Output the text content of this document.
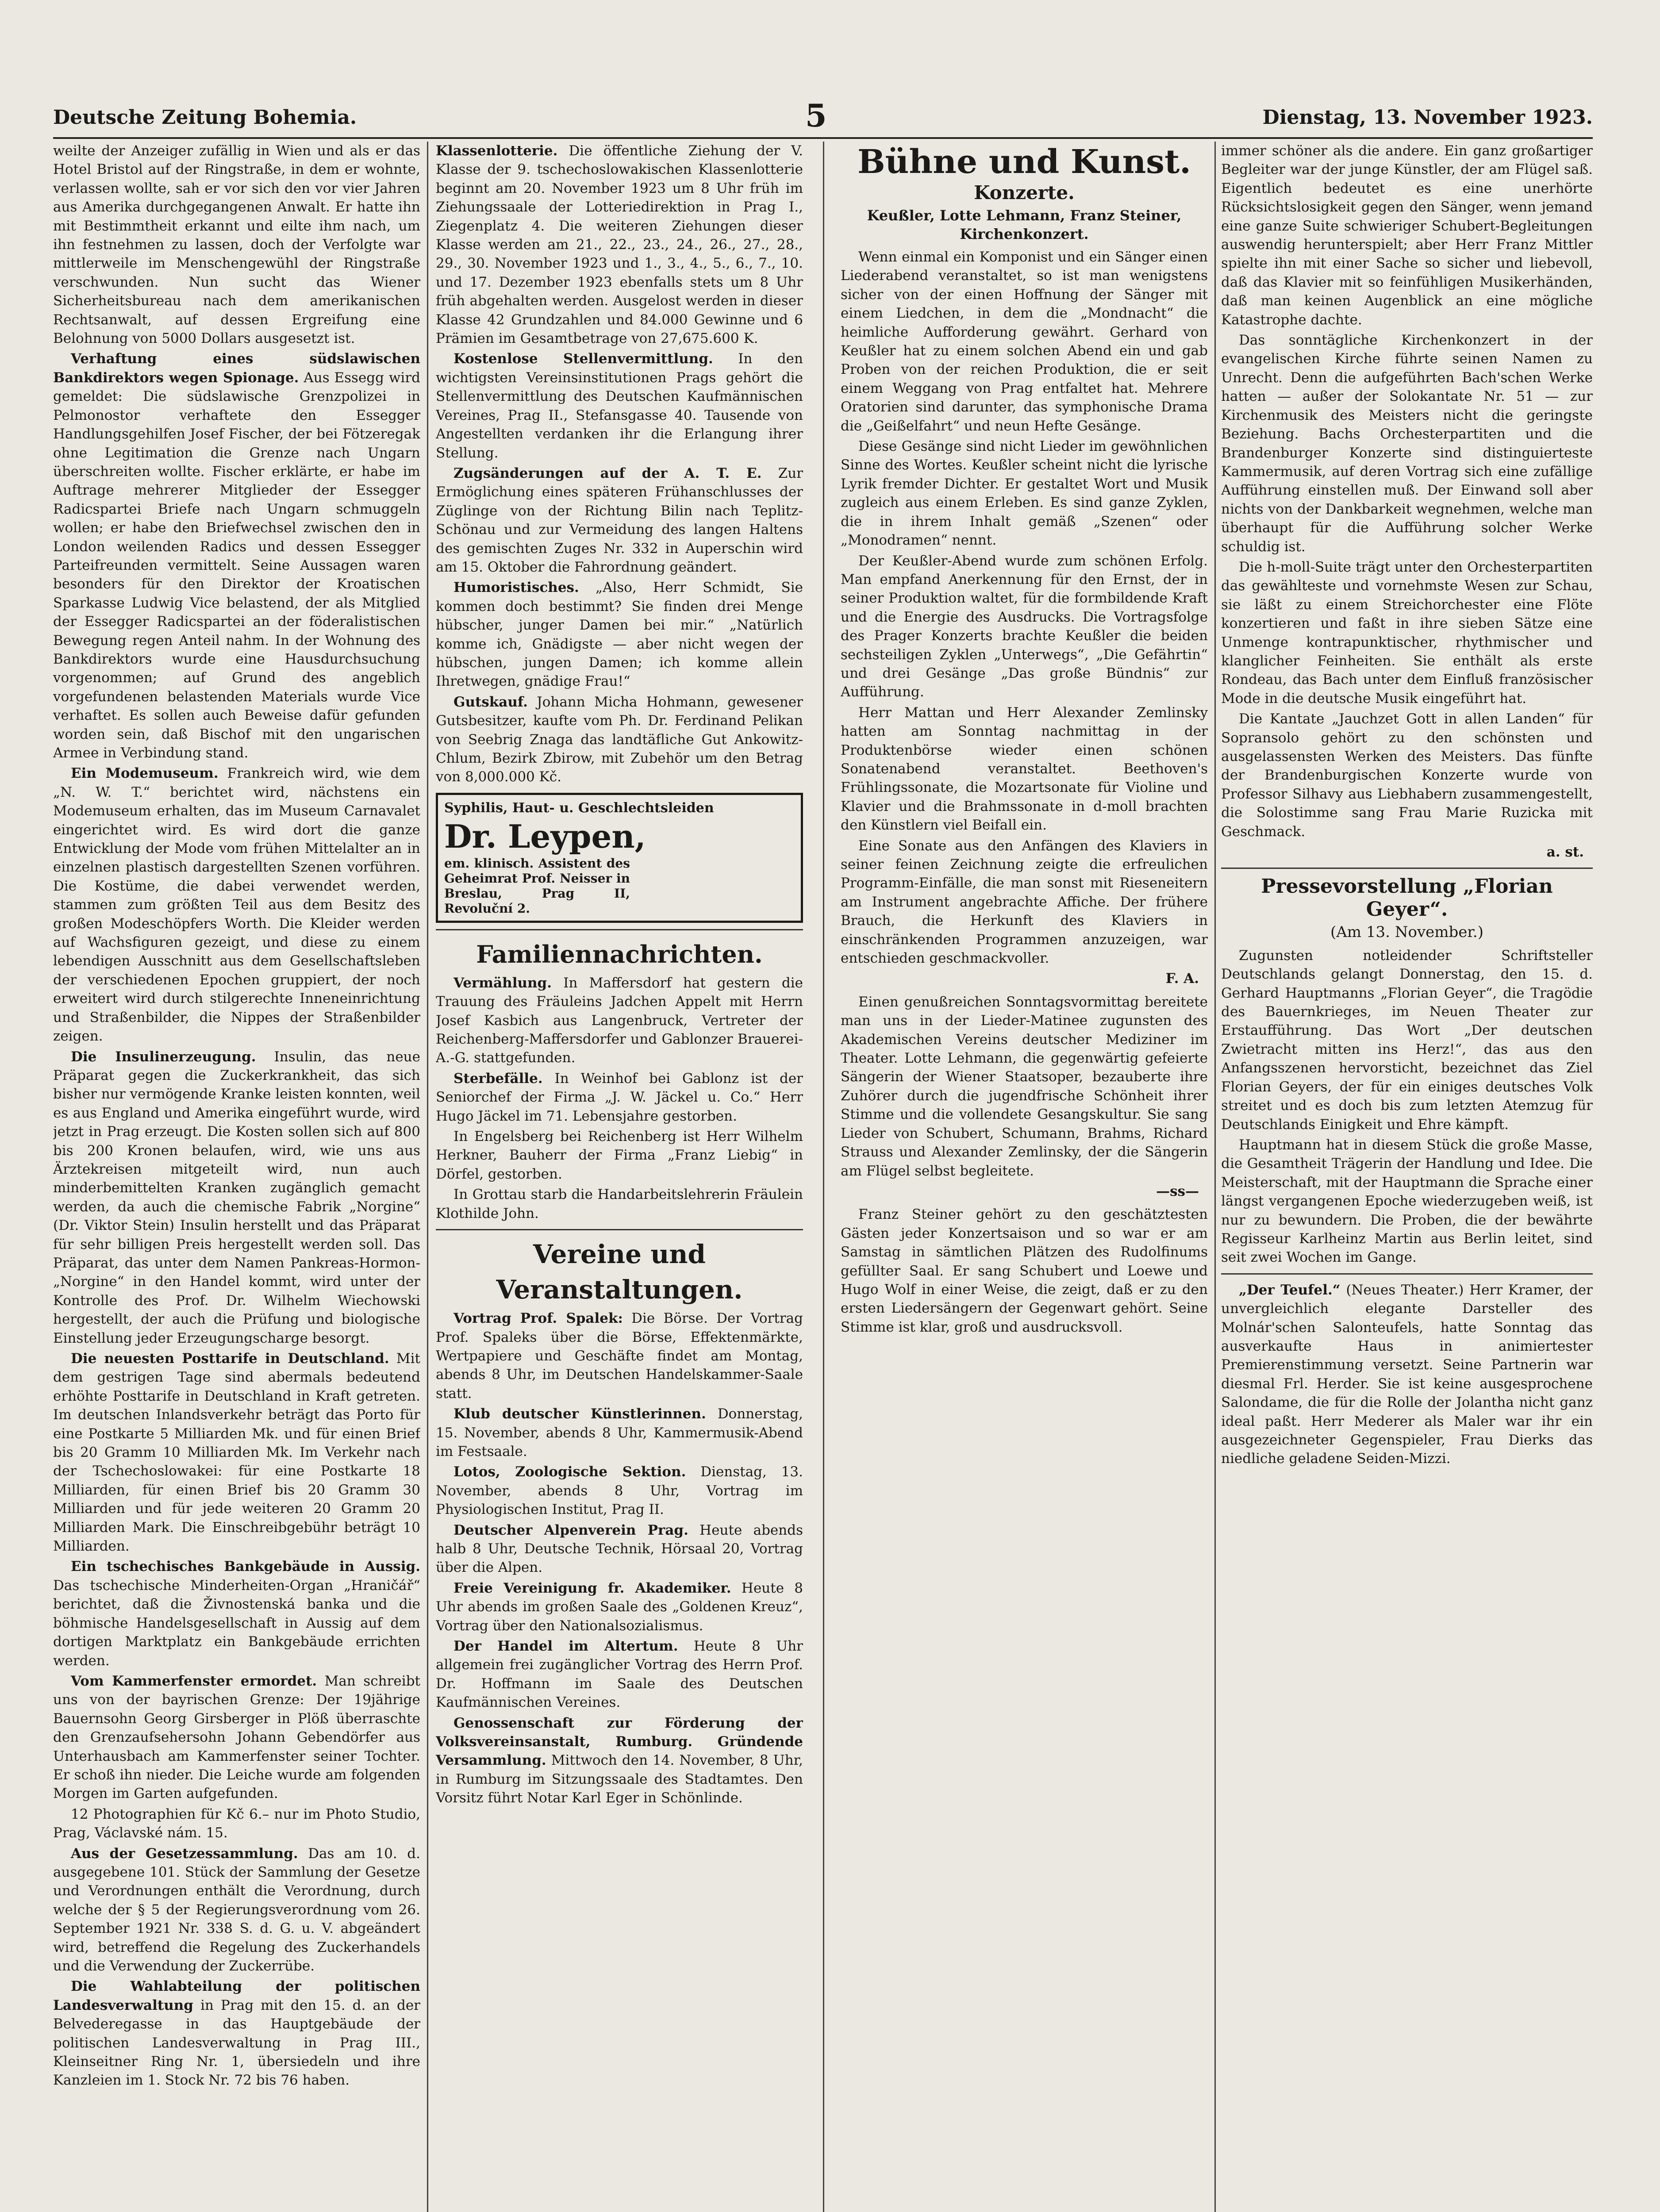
Deutsche Zeitung Bohemia.	5	Dienstag, 13. November 1923.

weilte der Anzeiger zufällig in Wien und als er das Hotel Bristol auf der Ringstraße, in dem er wohnte, verlassen wollte, sah er vor sich den vor vier Jahren aus Amerika durchgegangenen Anwalt. Er hatte ihn mit Bestimmtheit erkannt und eilte ihm nach, um ihn festnehmen zu lassen, doch der Verfolgte war mittlerweile im Menschengewühl der Ringstraße verschwunden. Nun sucht das Wiener Sicherheitsbureau nach dem amerikanischen Rechtsanwalt, auf dessen Ergreifung eine Belohnung von 5000 Dollars ausgesetzt ist.

Verhaftung eines südslawischen Bankdirektors wegen Spionage. Aus Essegg wird gemeldet: Die südslawische Grenzpolizei in Pelmonostor verhaftete den Essegger Handlungsgehilfen Josef Fischer, der bei Fötzeregak ohne Legitimation die Grenze nach Ungarn überschreiten wollte. Fischer erklärte, er habe im Auftrage mehrerer Mitglieder der Essegger Radicspartei Briefe nach Ungarn schmuggeln wollen; er habe den Briefwechsel zwischen den in London weilenden Radics und dessen Essegger Parteifreunden vermittelt. Seine Aussagen waren besonders für den Direktor der Kroatischen Sparkasse Ludwig Vice belastend, der als Mitglied der Essegger Radicspartei an der föderalistischen Bewegung regen Anteil nahm. In der Wohnung des Bankdirektors wurde eine Hausdurchsuchung vorgenommen; auf Grund des angeblich vorgefundenen belastenden Materials wurde Vice verhaftet. Es sollen auch Beweise dafür gefunden worden sein, daß Bischof mit den ungarischen Armee in Verbindung stand.

Ein Modemuseum. Frankreich wird, wie dem „N. W. T.“ berichtet wird, nächstens ein Modemuseum erhalten, das im Museum Carnavalet eingerichtet wird. Es wird dort die ganze Entwicklung der Mode vom frühen Mittelalter an in einzelnen plastisch dargestellten Szenen vorführen. Die Kostüme, die dabei verwendet werden, stammen zum größten Teil aus dem Besitz des großen Modeschöpfers Worth. Die Kleider werden auf Wachsfiguren gezeigt, und diese zu einem lebendigen Ausschnitt aus dem Gesellschaftsleben der verschiedenen Epochen gruppiert, der noch erweitert wird durch stilgerechte Inneneinrichtung und Straßenbilder, die Nippes der Straßenbilder zeigen.

Die Insulinerzeugung. Insulin, das neue Präparat gegen die Zuckerkrankheit, das sich bisher nur vermögende Kranke leisten konnten, weil es aus England und Amerika eingeführt wurde, wird jetzt in Prag erzeugt. Die Kosten sollen sich auf 800 bis 200 Kronen belaufen, wird, wie uns aus Ärztekreisen mitgeteilt wird, nun auch minderbemittelten Kranken zugänglich gemacht werden, da auch die chemische Fabrik „Norgine“ (Dr. Viktor Stein) Insulin herstellt und das Präparat für sehr billigen Preis hergestellt werden soll. Das Präparat, das unter dem Namen Pankreas-Hormon-„Norgine“ in den Handel kommt, wird unter der Kontrolle des Prof. Dr. Wilhelm Wiechowski hergestellt, der auch die Prüfung und biologische Einstellung jeder Erzeugungscharge besorgt.

Die neuesten Posttarife in Deutschland. Mit dem gestrigen Tage sind abermals bedeutend erhöhte Posttarife in Deutschland in Kraft getreten. Im deutschen Inlandsverkehr beträgt das Porto für eine Postkarte 5 Milliarden Mk. und für einen Brief bis 20 Gramm 10 Milliarden Mk. Im Verkehr nach der Tschechoslowakei: für eine Postkarte 18 Milliarden, für einen Brief bis 20 Gramm 30 Milliarden und für jede weiteren 20 Gramm 20 Milliarden Mark. Die Einschreibgebühr beträgt 10 Milliarden.

Ein tschechisches Bankgebäude in Aussig. Das tschechische Minderheiten-Organ „Hraničář“ berichtet, daß die Živnostenská banka und die böhmische Handelsgesellschaft in Aussig auf dem dortigen Marktplatz ein Bankgebäude errichten werden.

Vom Kammerfenster ermordet. Man schreibt uns von der bayrischen Grenze: Der 19jährige Bauernsohn Georg Girsberger in Plöß überraschte den Grenzaufsehersohn Johann Gebendörfer aus Unterhausbach am Kammerfenster seiner Tochter. Er schoß ihn nieder. Die Leiche wurde am folgenden Morgen im Garten aufgefunden.

12 Photographien für Kč 6.– nur im Photo Studio, Prag, Václavské nám. 15.

Aus der Gesetzessammlung. Das am 10. d. ausgegebene 101. Stück der Sammlung der Gesetze und Verordnungen enthält die Verordnung, durch welche der § 5 der Regierungsverordnung vom 26. September 1921 Nr. 338 S. d. G. u. V. abgeändert wird, betreffend die Regelung des Zuckerhandels und die Verwendung der Zuckerrübe.

Die Wahlabteilung der politischen Landesverwaltung in Prag mit den 15. d. an der Belvederegasse in das Hauptgebäude der politischen Landesverwaltung in Prag III., Kleinseitner Ring Nr. 1, übersiedeln und ihre Kanzleien im 1. Stock Nr. 72 bis 76 haben.

Klassenlotterie. Die öffentliche Ziehung der V. Klasse der 9. tschechoslowakischen Klassenlotterie beginnt am 20. November 1923 um 8 Uhr früh im Ziehungssaale der Lotteriedirektion in Prag I., Ziegenplatz 4. Die weiteren Ziehungen dieser Klasse werden am 21., 22., 23., 24., 26., 27., 28., 29., 30. November 1923 und 1., 3., 4., 5., 6., 7., 10. und 17. Dezember 1923 ebenfalls stets um 8 Uhr früh abgehalten werden. Ausgelost werden in dieser Klasse 42 Grundzahlen und 84.000 Gewinne und 6 Prämien im Gesamtbetrage von 27,675.600 K.

Kostenlose Stellenvermittlung. In den wichtigsten Vereinsinstitutionen Prags gehört die Stellenvermittlung des Deutschen Kaufmännischen Vereines, Prag II., Stefansgasse 40. Tausende von Angestellten verdanken ihr die Erlangung ihrer Stellung.

Zugsänderungen auf der A. T. E. Zur Ermöglichung eines späteren Frühanschlusses der Züglinge von der Richtung Bilin nach Teplitz-Schönau und zur Vermeidung des langen Haltens des gemischten Zuges Nr. 332 in Auperschin wird am 15. Oktober die Fahrordnung geändert.

Humoristisches. „Also, Herr Schmidt, Sie kommen doch bestimmt? Sie finden drei Menge hübscher, junger Damen bei mir.“ „Natürlich komme ich, Gnädigste — aber nicht wegen der hübschen, jungen Damen; ich komme allein Ihretwegen, gnädige Frau!“

Gutskauf. Johann Micha Hohmann, gewesener Gutsbesitzer, kaufte vom Ph. Dr. Ferdinand Pelikan von Seebrig Znaga das landtäfliche Gut Ankowitz-Chlum, Bezirk Zbirow, mit Zubehör um den Betrag von 8,000.000 Kč.

Syphilis, Haut- u. Geschlechtsleiden
Dr. Leypen,em. klinisch. Assistent des Geheimrat Prof. Neisser in Breslau, Prag II, Revoluční 2.
Familiennachrichten.

Vermählung. In Maffersdorf hat gestern die Trauung des Fräuleins Jadchen Appelt mit Herrn Josef Kasbich aus Langenbruck, Vertreter der Reichenberg-Maffersdorfer und Gablonzer Brauerei-A.-G. stattgefunden.

Sterbefälle. In Weinhof bei Gablonz ist der Seniorchef der Firma „J. W. Jäckel u. Co.“ Herr Hugo Jäckel im 71. Lebensjahre gestorben.

In Engelsberg bei Reichenberg ist Herr Wilhelm Herkner, Bauherr der Firma „Franz Liebig“ in Dörfel, gestorben.

In Grottau starb die Handarbeitslehrerin Fräulein Klothilde John.

Vereine und Veranstaltungen.

Vortrag Prof. Spalek: Die Börse. Der Vortrag Prof. Spaleks über die Börse, Effektenmärkte, Wertpapiere und Geschäfte findet am Montag, abends 8 Uhr, im Deutschen Handelskammer-Saale statt.

Klub deutscher Künstlerinnen. Donnerstag, 15. November, abends 8 Uhr, Kammermusik-Abend im Festsaale.

Lotos, Zoologische Sektion. Dienstag, 13. November, abends 8 Uhr, Vortrag im Physiologischen Institut, Prag II.

Deutscher Alpenverein Prag. Heute abends halb 8 Uhr, Deutsche Technik, Hörsaal 20, Vortrag über die Alpen.

Freie Vereinigung fr. Akademiker. Heute 8 Uhr abends im großen Saale des „Goldenen Kreuz“, Vortrag über den Nationalsozialismus.

Der Handel im Altertum. Heute 8 Uhr allgemein frei zugänglicher Vortrag des Herrn Prof. Dr. Hoffmann im Saale des Deutschen Kaufmännischen Vereines.

Genossenschaft zur Förderung der Volksvereinsanstalt, Rumburg. Gründende Versammlung. Mittwoch den 14. November, 8 Uhr, in Rumburg im Sitzungssaale des Stadtamtes. Den Vorsitz führt Notar Karl Eger in Schönlinde.

Bühne und Kunst.
Konzerte.
Keußler, Lotte Lehmann, Franz Steiner, Kirchenkonzert.

Wenn einmal ein Komponist und ein Sänger einen Liederabend veranstaltet, so ist man wenigstens sicher von der einen Hoffnung der Sänger mit einem Liedchen, in dem die „Mondnacht“ die heimliche Aufforderung gewährt. Gerhard von Keußler hat zu einem solchen Abend ein und gab Proben von der reichen Produktion, die er seit einem Weggang von Prag entfaltet hat. Mehrere Oratorien sind darunter, das symphonische Drama die „Geißelfahrt“ und neun Hefte Gesänge.

Diese Gesänge sind nicht Lieder im gewöhnlichen Sinne des Wortes. Keußler scheint nicht die lyrische Lyrik fremder Dichter. Er gestaltet Wort und Musik zugleich aus einem Erleben. Es sind ganze Zyklen, die in ihrem Inhalt gemäß „Szenen“ oder „Monodramen“ nennt.

Der Keußler-Abend wurde zum schönen Erfolg. Man empfand Anerkennung für den Ernst, der in seiner Produktion waltet, für die formbildende Kraft und die Energie des Ausdrucks. Die Vortragsfolge des Prager Konzerts brachte Keußler die beiden sechsteiligen Zyklen „Unterwegs“, „Die Gefährtin“ und drei Gesänge „Das große Bündnis“ zur Aufführung.

Herr Mattan und Herr Alexander Zemlinsky hatten am Sonntag nachmittag in der Produktenbörse wieder einen schönen Sonatenabend veranstaltet. Beethoven's Frühlingssonate, die Mozartsonate für Violine und Klavier und die Brahmssonate in d-moll brachten den Künstlern viel Beifall ein.

Eine Sonate aus den Anfängen des Klaviers in seiner feinen Zeichnung zeigte die erfreulichen Programm-Einfälle, die man sonst mit Rieseneitern am Instrument angebrachte Affiche. Der frühere Brauch, die Herkunft des Klaviers in einschränkenden Programmen anzuzeigen, war entschieden geschmackvoller.

F. A.

Einen genußreichen Sonntagsvormittag bereitete man uns in der Lieder-Matinee zugunsten des Akademischen Vereins deutscher Mediziner im Theater. Lotte Lehmann, die gegenwärtig gefeierte Sängerin der Wiener Staatsoper, bezauberte ihre Zuhörer durch die jugendfrische Schönheit ihrer Stimme und die vollendete Gesangskultur. Sie sang Lieder von Schubert, Schumann, Brahms, Richard Strauss und Alexander Zemlinsky, der die Sängerin am Flügel selbst begleitete.

—ss—

Franz Steiner gehört zu den geschätztesten Gästen jeder Konzertsaison und so war er am Samstag in sämtlichen Plätzen des Rudolfinums gefüllter Saal. Er sang Schubert und Loewe und Hugo Wolf in einer Weise, die zeigt, daß er zu den ersten Liedersängern der Gegenwart gehört. Seine Stimme ist klar, groß und ausdrucksvoll.

immer schöner als die andere. Ein ganz großartiger Begleiter war der junge Künstler, der am Flügel saß. Eigentlich bedeutet es eine unerhörte Rücksichtslosigkeit gegen den Sänger, wenn jemand eine ganze Suite schwieriger Schubert-Begleitungen auswendig herunterspielt; aber Herr Franz Mittler spielte ihn mit einer Sache so sicher und liebevoll, daß das Klavier mit so feinfühligen Musikerhänden, daß man keinen Augenblick an eine mögliche Katastrophe dachte.

Das sonntägliche Kirchenkonzert in der evangelischen Kirche führte seinen Namen zu Unrecht. Denn die aufgeführten Bach'schen Werke hatten — außer der Solokantate Nr. 51 — zur Kirchenmusik des Meisters nicht die geringste Beziehung. Bachs Orchesterpartiten und die Brandenburger Konzerte sind distinguierteste Kammermusik, auf deren Vortrag sich eine zufällige Aufführung einstellen muß. Der Einwand soll aber nichts von der Dankbarkeit wegnehmen, welche man überhaupt für die Aufführung solcher Werke schuldig ist.

Die h-moll-Suite trägt unter den Orchesterpartiten das gewählteste und vornehmste Wesen zur Schau, sie läßt zu einem Streichorchester eine Flöte konzertieren und faßt in ihre sieben Sätze eine Unmenge kontrapunktischer, rhythmischer und klanglicher Feinheiten. Sie enthält als erste Rondeau, das Bach unter dem Einfluß französischer Mode in die deutsche Musik eingeführt hat.

Die Kantate „Jauchzet Gott in allen Landen“ für Sopransolo gehört zu den schönsten und ausgelassensten Werken des Meisters. Das fünfte der Brandenburgischen Konzerte wurde von Professor Silhavy aus Liebhabern zusammengestellt, die Solostimme sang Frau Marie Ruzicka mit Geschmack.

a. st.
Pressevorstellung „Florian Geyer“.
(Am 13. November.)

Zugunsten notleidender Schriftsteller Deutschlands gelangt Donnerstag, den 15. d. Gerhard Hauptmanns „Florian Geyer“, die Tragödie des Bauernkrieges, im Neuen Theater zur Erstaufführung. Das Wort „Der deutschen Zwietracht mitten ins Herz!“, das aus den Anfangsszenen hervorsticht, bezeichnet das Ziel Florian Geyers, der für ein einiges deutsches Volk streitet und es doch bis zum letzten Atemzug für Deutschlands Einigkeit und Ehre kämpft.

Hauptmann hat in diesem Stück die große Masse, die Gesamtheit Trägerin der Handlung und Idee. Die Meisterschaft, mit der Hauptmann die Sprache einer längst vergangenen Epoche wiederzugeben weiß, ist nur zu bewundern. Die Proben, die der bewährte Regisseur Karlheinz Martin aus Berlin leitet, sind seit zwei Wochen im Gange.

„Der Teufel.“ (Neues Theater.) Herr Kramer, der unvergleichlich elegante Darsteller des Molnár'schen Salonteufels, hatte Sonntag das ausverkaufte Haus in animiertester Premierenstimmung versetzt. Seine Partnerin war diesmal Frl. Herder. Sie ist keine ausgesprochene Salondame, die für die Rolle der Jolantha nicht ganz ideal paßt. Herr Mederer als Maler war ihr ein ausgezeichneter Gegenspieler, Frau Dierks das niedliche geladene Seiden-Mizzi.
